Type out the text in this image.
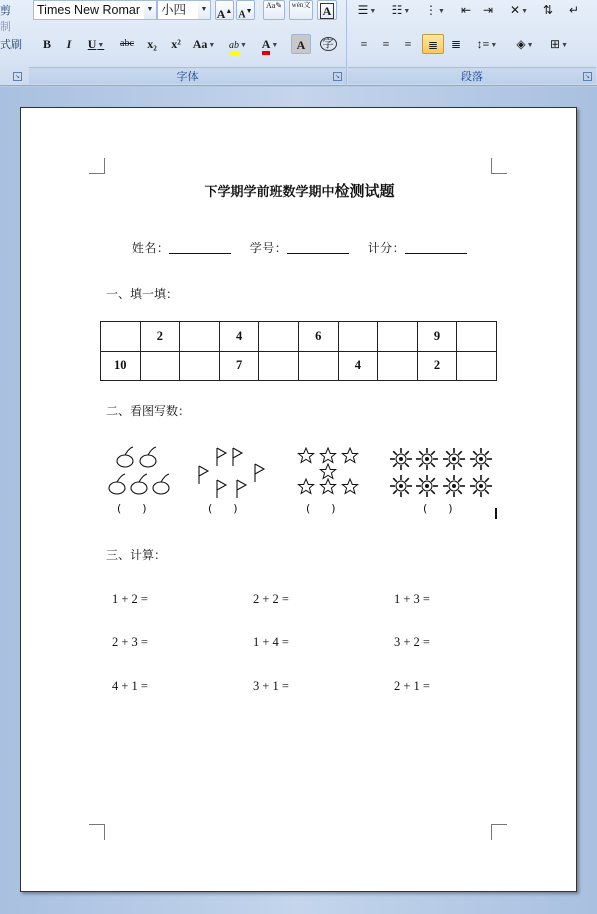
剪
制
式刷
↘
Times New Romar ▼ 小四	▼ A▲ A▼
Aa✎	wén文	A
B	I	U▼	abc	x₂	x² Aa▼	ab▼	A▼	A	字
字体	↘
☰▼	☷▼	⋮▼	⇤ ⇥	✕▼	⇅	↵
≡	≡	≡	≣	≣	↕≡▼	◈▼	⊞▼
段落	↘
下学期学前班数学期中检测试题
姓名：	学号：	计分：
一、填一填：
	2		4		6			9	
10			7			4		2	
二、看图写数：
(      )	(      )	(      )	(      )
三、计算：
1 + 2 =	2 + 2 =	1 + 3 =
2 + 3 =	1 + 4 =	3 + 2 =
4 + 1 =	3 + 1 =	2 + 1 =
